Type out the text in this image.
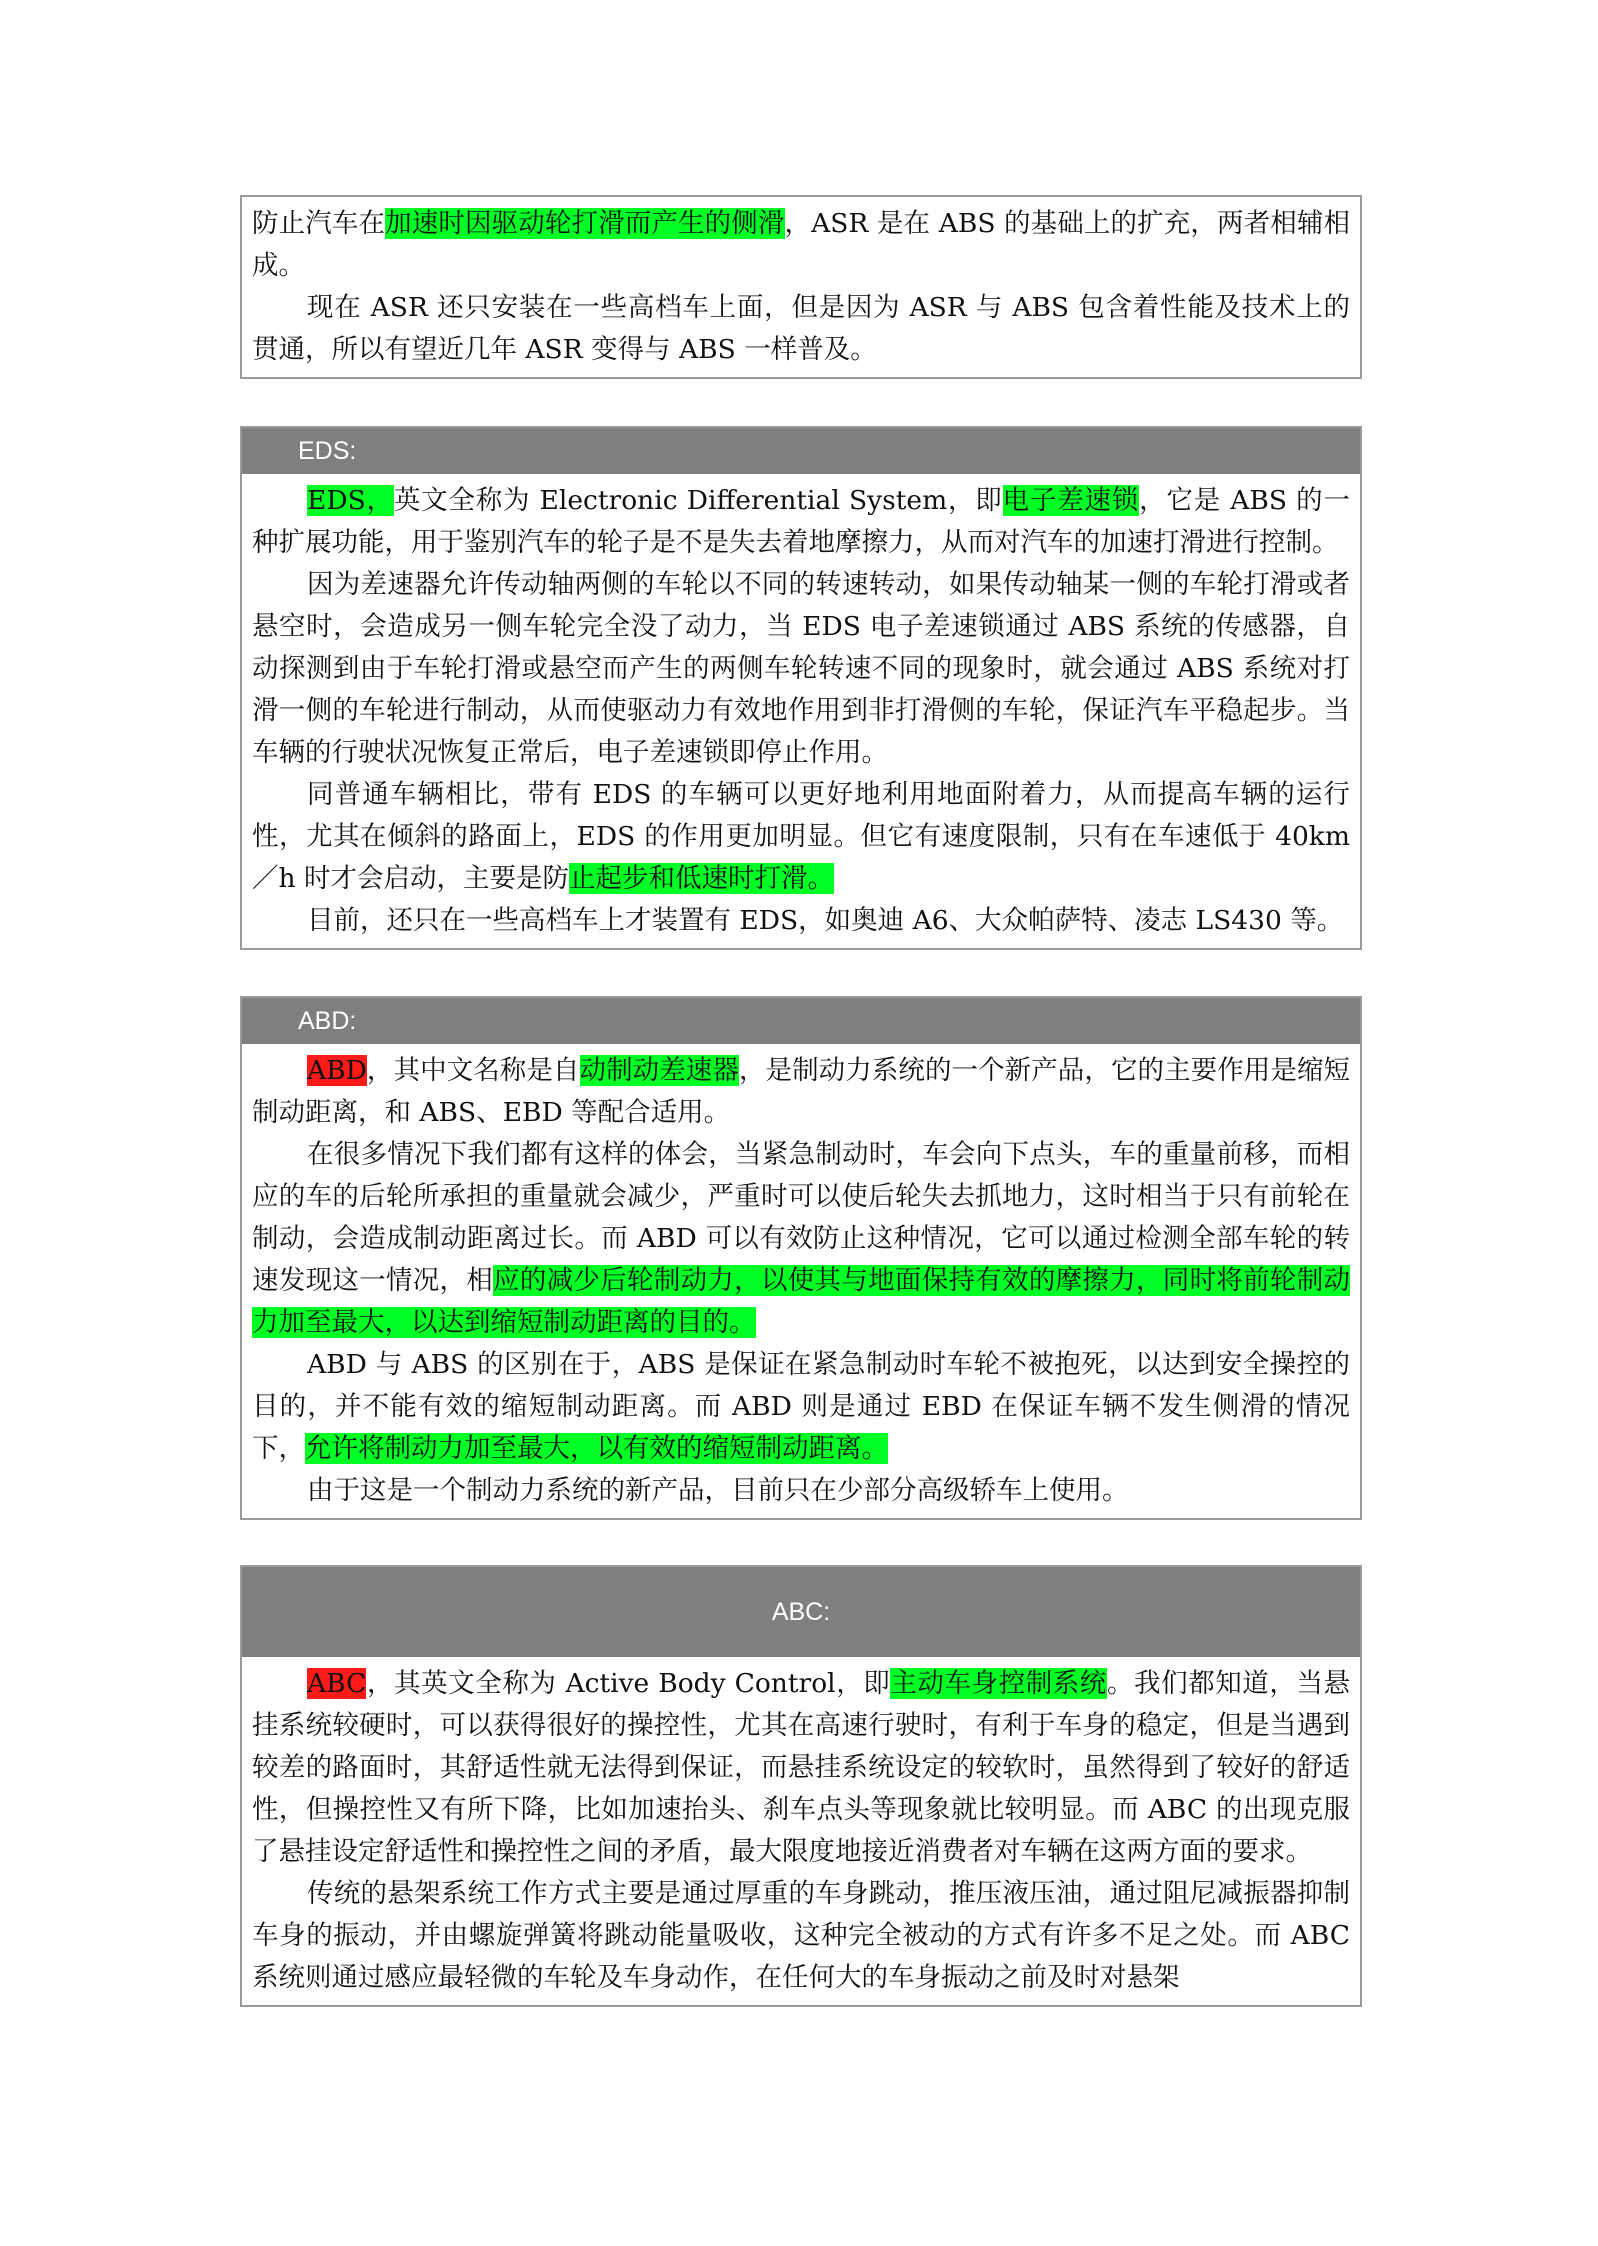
防止汽车在加速时因驱动轮打滑而产生的侧滑，ASR 是在 ABS 的基础上的扩充，两者相辅相成。

现在 ASR 还只安装在一些高档车上面，但是因为 ASR 与 ABS 包含着性能及技术上的贯通，所以有望近几年 ASR 变得与 ABS 一样普及。

EDS:

EDS，英文全称为 Electronic Differential System，即电子差速锁，它是 ABS 的一种扩展功能，用于鉴别汽车的轮子是不是失去着地摩擦力，从而对汽车的加速打滑进行控制。

因为差速器允许传动轴两侧的车轮以不同的转速转动，如果传动轴某一侧的车轮打滑或者悬空时，会造成另一侧车轮完全没了动力，当 EDS 电子差速锁通过 ABS 系统的传感器，自动探测到由于车轮打滑或悬空而产生的两侧车轮转速不同的现象时，就会通过 ABS 系统对打滑一侧的车轮进行制动，从而使驱动力有效地作用到非打滑侧的车轮，保证汽车平稳起步。当车辆的行驶状况恢复正常后，电子差速锁即停止作用。

同普通车辆相比，带有 EDS 的车辆可以更好地利用地面附着力，从而提高车辆的运行性，尤其在倾斜的路面上，EDS 的作用更加明显。但它有速度限制，只有在车速低于 40km／h 时才会启动，主要是防止起步和低速时打滑。

目前，还只在一些高档车上才装置有 EDS，如奥迪 A6、大众帕萨特、凌志 LS430 等。

ABD:

ABD，其中文名称是自动制动差速器，是制动力系统的一个新产品，它的主要作用是缩短制动距离，和 ABS、EBD 等配合适用。

在很多情况下我们都有这样的体会，当紧急制动时，车会向下点头，车的重量前移，而相应的车的后轮所承担的重量就会减少，严重时可以使后轮失去抓地力，这时相当于只有前轮在制动，会造成制动距离过长。而 ABD 可以有效防止这种情况，它可以通过检测全部车轮的转速发现这一情况，相应的减少后轮制动力，以使其与地面保持有效的摩擦力，同时将前轮制动力加至最大，以达到缩短制动距离的目的。

ABD 与 ABS 的区别在于，ABS 是保证在紧急制动时车轮不被抱死，以达到安全操控的目的，并不能有效的缩短制动距离。而 ABD 则是通过 EBD 在保证车辆不发生侧滑的情况下，允许将制动力加至最大，以有效的缩短制动距离。

由于这是一个制动力系统的新产品，目前只在少部分高级轿车上使用。

ABC:

ABC，其英文全称为 Active Body Control，即主动车身控制系统。我们都知道，当悬挂系统较硬时，可以获得很好的操控性，尤其在高速行驶时，有利于车身的稳定，但是当遇到较差的路面时，其舒适性就无法得到保证，而悬挂系统设定的较软时，虽然得到了较好的舒适性，但操控性又有所下降，比如加速抬头、刹车点头等现象就比较明显。而 ABC 的出现克服了悬挂设定舒适性和操控性之间的矛盾，最大限度地接近消费者对车辆在这两方面的要求。

传统的悬架系统工作方式主要是通过厚重的车身跳动，推压液压油，通过阻尼减振器抑制车身的振动，并由螺旋弹簧将跳动能量吸收，这种完全被动的方式有许多不足之处。而 ABC 系统则通过感应最轻微的车轮及车身动作，在任何大的车身振动之前及时对悬架
